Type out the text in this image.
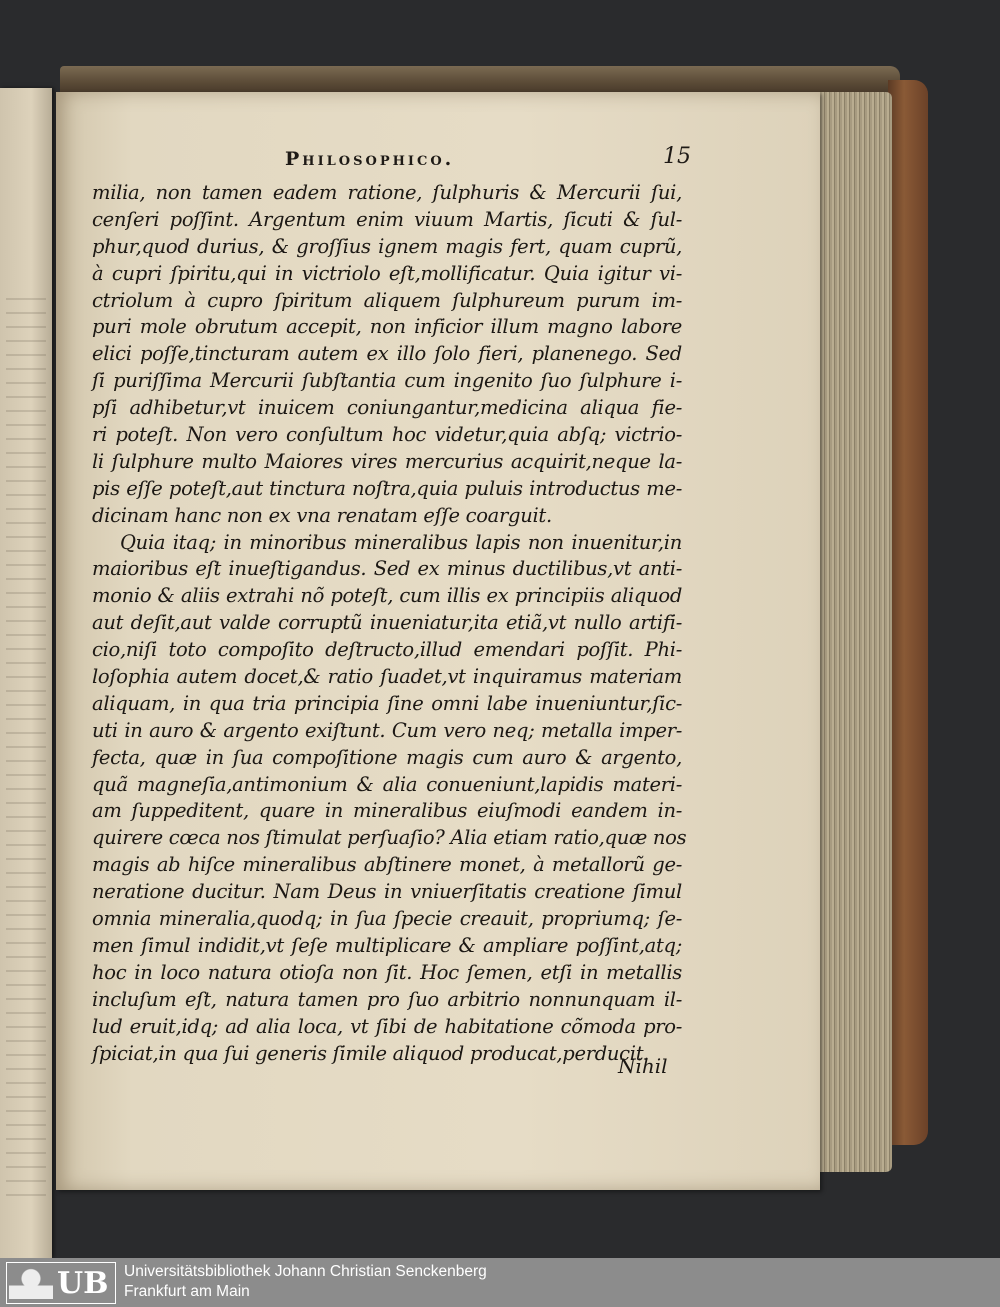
Philosophico.	15
milia, non tamen eadem ratione, ſulphuris & Mercurii ſui,
cenſeri poſſint. Argentum enim viuum Martis, ſicuti & ſul-
phur,quod durius, & groſſius ignem magis fert, quam cuprũ,
à cupri ſpiritu,qui in victriolo eſt,mollificatur. Quia igitur vi-
ctriolum à cupro ſpiritum aliquem ſulphureum purum im-
puri mole obrutum accepit, non inficior illum magno labore
elici poſſe,tincturam autem ex illo ſolo fieri, planenego. Sed
ſi puriſſima Mercurii ſubſtantia cum ingenito ſuo ſulphure i-
pſi adhibetur,vt inuicem coniungantur,medicina aliqua fie-
ri poteſt. Non vero conſultum hoc videtur,quia abſq; victrio-
li ſulphure multo Maiores vires mercurius acquirit,neque la-
pis eſſe poteſt,aut tinctura noſtra,quia puluis introductus me-
dicinam hanc non ex vna renatam eſſe coarguit.
Quia itaq; in minoribus mineralibus lapis non inuenitur,in
maioribus eſt inueſtigandus. Sed ex minus ductilibus,vt anti-
monio & aliis extrahi nõ poteſt, cum illis ex principiis aliquod
aut deſit,aut valde corruptũ inueniatur,ita etiã,vt nullo artifi-
cio,niſi toto compoſito deſtructo,illud emendari poſſit. Phi-
loſophia autem docet,& ratio ſuadet,vt inquiramus materiam
aliquam, in qua tria principia ſine omni labe inueniuntur,ſic-
uti in auro & argento exiſtunt. Cum vero neq; metalla imper-
fecta, quæ in ſua compoſitione magis cum auro & argento,
quã magneſia,antimonium & alia conueniunt,lapidis materi-
am ſuppeditent, quare in mineralibus eiuſmodi eandem in-
quirere cœca nos ſtimulat perſuaſio? Alia etiam ratio,quæ nos
magis ab hiſce mineralibus abſtinere monet, à metallorũ ge-
neratione ducitur. Nam Deus in vniuerſitatis creatione ſimul
omnia mineralia,quodq; in ſua ſpecie creauit, propriumq; ſe-
men ſimul indidit,vt ſeſe multiplicare & ampliare poſſint,atq;
hoc in loco natura otioſa non ſit. Hoc ſemen, etſi in metallis
incluſum eſt, natura tamen pro ſuo arbitrio nonnunquam il-
lud eruit,idq; ad alia loca, vt ſibi de habitatione cõmoda pro-
ſpiciat,in qua ſui generis ſimile aliquod producat,perducit.
Nihil
UB Universitätsbibliothek Johann Christian Senckenberg
Frankfurt am Main
